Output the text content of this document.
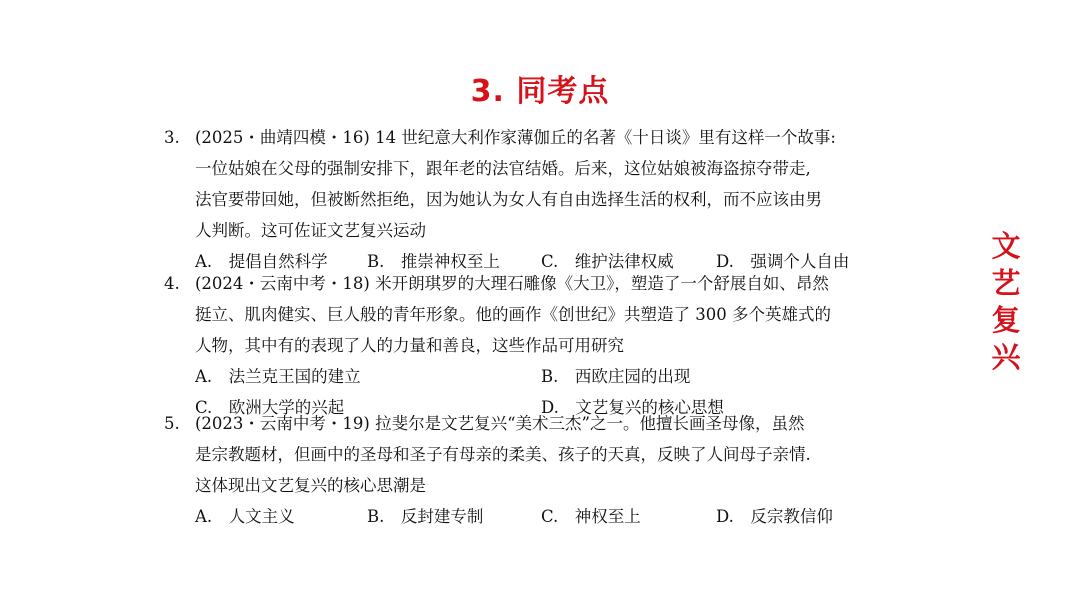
3. 同考点
文
艺
复
兴
3. (2025・曲靖四模・16) 14 世纪意大利作家薄伽丘的名著《十日谈》里有这样一个故事:
一位姑娘在父母的强制安排下，跟年老的法官结婚。后来，这位姑娘被海盗掠夺带走,
法官要带回她，但被断然拒绝，因为她认为女人有自由选择生活的权利，而不应该由男
人判断。这可佐证文艺复兴运动
A.　提倡自然科学 B.　推崇神权至上 C.　维护法律权威	D.　强调个人自由
4. (2024・云南中考・18) 米开朗琪罗的大理石雕像《大卫》，塑造了一个舒展自如、昂然
挺立、肌肉健实、巨人般的青年形象。他的画作《创世纪》共塑造了 300 多个英雄式的
人物，其中有的表现了人的力量和善良，这些作品可用研究
A.　法兰克王国的建立	B.　西欧庄园的出现
C.　欧洲大学的兴起	D.　文艺复兴的核心思想
5. (2023・云南中考・19) 拉斐尔是文艺复兴“美术三杰”之一。他擅长画圣母像，虽然
是宗教题材，但画中的圣母和圣子有母亲的柔美、孩子的天真，反映了人间母子亲情.
这体现出文艺复兴的核心思潮是
A.　人文主义	B.　反封建专制	C.　神权至上	D.　反宗教信仰
